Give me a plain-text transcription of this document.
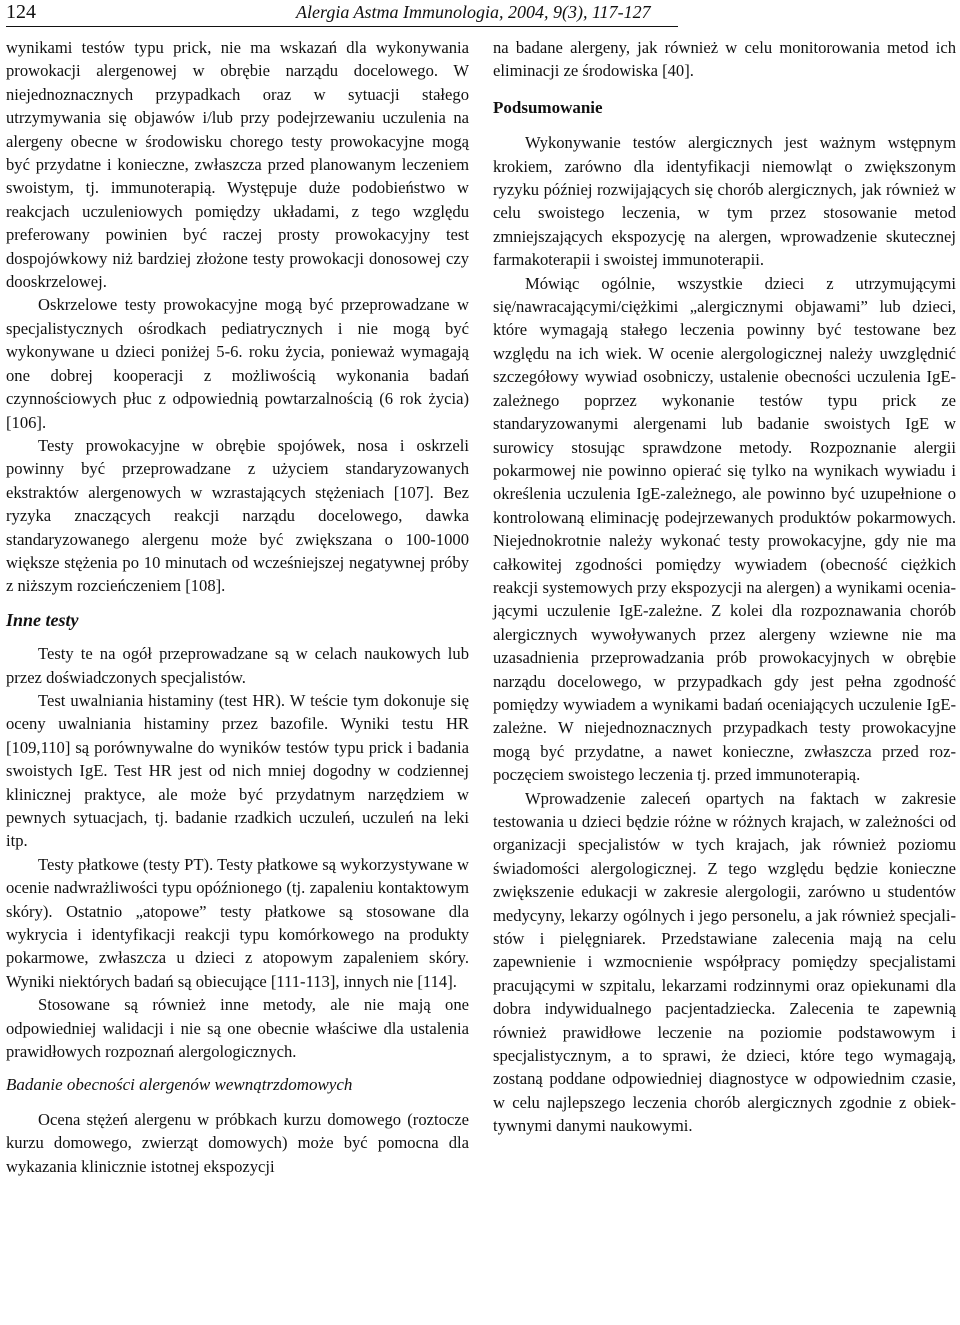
124	Alergia Astma Immunologia, 2004, 9(3), 117-127

wynikami testów typu prick, nie ma wskazań dla wykonywania prowokacji alergenowej w obrębie narządu docelowego. W niejednoznacznych przypadkach oraz w sytuacji stałego utrzymywania się objawów i/lub przy podejrzewaniu uczulenia na alergeny obecne w środowisku chorego testy prowokacyjne mogą być przydatne i konieczne, zwłaszcza przed planowanym leczeniem swoistym, tj. immunoterapią. Występuje duże podobieństwo w reakcjach uczuleniowych pomiędzy układami, z tego względu preferowany powinien być raczej prosty prowokacyjny test dospojówkowy niż bardziej złożone testy prowokacji donosowej czy dooskrzelowej.

Oskrzelowe testy prowokacyjne mogą być przeprowadzane w specjalistycznych ośrodkach pediatrycznych i nie mogą być wykonywane u dzieci poniżej 5-6. roku życia, ponieważ wymagają one dobrej kooperacji z możliwością wykonania badań czynnościowych płuc z odpowiednią powtarzalnością (6 rok życia) [106].

Testy prowokacyjne w obrębie spojówek, nosa i oskrzeli powinny być przeprowadzane z użyciem standaryzowanych ekstraktów alergenowych w wzrastających stężeniach [107]. Bez ryzyka znaczących reakcji narządu docelowego, dawka standaryzowanego alergenu może być zwiększana o 100-1000 większe stężenia po 10 minutach od wcześniejszej negatywnej próby z niższym rozcieńczeniem [108].

Inne testy

Testy te na ogół przeprowadzane są w celach naukowych lub przez doświadczonych specjalistów.

Test uwalniania histaminy (test HR). W teście tym dokonuje się oceny uwalniania histaminy przez bazofile. Wyniki testu HR [109,110] są porównywalne do wyników testów typu prick i badania swoistych IgE. Test HR jest od nich mniej dogodny w codziennej klinicznej praktyce, ale może być przydatnym narzędziem w pewnych sytuacjach, tj. badanie rzadkich uczuleń, uczuleń na leki itp.

Testy płatkowe (testy PT). Testy płatkowe są wykorzystywane w ocenie nadwrażliwości typu opóźnionego (tj. zapaleniu kontaktowym skóry). Ostatnio „atopowe” testy płatkowe są stosowane dla wykrycia i identyfikacji reakcji typu komórkowego na produkty pokarmowe, zwłaszcza u dzieci z atopowym zapaleniem skóry. Wyniki niektórych badań są obiecujące [111-113], innych nie [114].

Stosowane są również inne metody, ale nie mają one odpowiedniej walidacji i nie są one obecnie właściwe dla ustalenia prawidłowych rozpoznań alergologicznych.

Badanie obecności alergenów wewnątrzdomowych

Ocena stężeń alergenu w próbkach kurzu domowego (roztocze kurzu domowego, zwierząt domowych) może być pomocna dla wykazania klinicznie istotnej ekspozycji

na badane alergeny, jak również w celu monitorowania metod ich eliminacji ze środowiska [40].

Podsumowanie

Wykonywanie testów alergicznych jest ważnym wstępnym krokiem, zarówno dla identyfikacji niemowląt o zwiększonym ryzyku później rozwijających się chorób alergicznych, jak również w celu swoistego leczenia, w tym przez stosowanie metod zmniejszających ekspozycję na alergen, wprowadzenie skutecznej farmakoterapii i swoistej immunoterapii.

Mówiąc ogólnie, wszystkie dzieci z utrzymującymi się/nawracającymi/ciężkimi „alergicznymi objawami” lub dzieci, które wymagają stałego leczenia powinny być testowane bez względu na ich wiek. W ocenie alergologicznej należy uwzględnić szczegółowy wywiad osobniczy, ustalenie obecności uczulenia IgE-zależnego poprzez wykonanie testów typu prick ze standaryzowanymi alergenami lub badanie swoistych IgE w surowicy stosując sprawdzone metody. Rozpoznanie alergii pokarmowej nie powinno opierać się tylko na wynikach wywiadu i określenia uczulenia IgE-zależnego, ale powinno być uzupełnione o kontrolowaną eliminację podejrzewanych produktów pokarmowych. Niejednokrotnie należy wykonać testy prowokacyjne, gdy nie ma całkowitej zgodności pomiędzy wywiadem (obecność ciężkich reakcji systemowych przy ekspozycji na alergen) a wynikami oceniającymi uczulenie IgE-zależne. Z kolei dla rozpoznawania chorób alergicznych wywoływanych przez alergeny wziewne nie ma uzasadnienia przeprowadzania prób prowokacyjnych w obrębie narządu docelowego, w przypadkach gdy jest pełna zgodność pomiędzy wywiadem a wynikami badań oceniających uczulenie IgE-zależne. W niejednoznacznych przypadkach testy prowokacyjne mogą być przydatne, a nawet konieczne, zwłaszcza przed rozpoczęciem swoistego leczenia tj. przed immunoterapią.

Wprowadzenie zaleceń opartych na faktach w zakresie testowania u dzieci będzie różne w różnych krajach, w zależności od organizacji specjalistów w tych krajach, jak również poziomu świadomości alergologicznej. Z tego względu będzie konieczne zwiększenie edukacji w zakresie alergologii, zarówno u studentów medycyny, lekarzy ogólnych i jego personelu, a jak również specjalistów i pielęgniarek. Przedstawiane zalecenia mają na celu zapewnienie i wzmocnienie współpracy pomiędzy specjalistami pracującymi w szpitalu, lekarzami rodzinnymi oraz opiekunami dla dobra indywidualnego pacjentadziecka. Zalecenia te zapewnią również prawidłowe leczenie na poziomie podstawowym i specjalistycznym, a to sprawi, że dzieci, które tego wymagają, zostaną poddane odpowiedniej diagnostyce w odpowiednim czasie, w celu najlepszego leczenia chorób alergicznych zgodnie z obiektywnymi danymi naukowymi.
